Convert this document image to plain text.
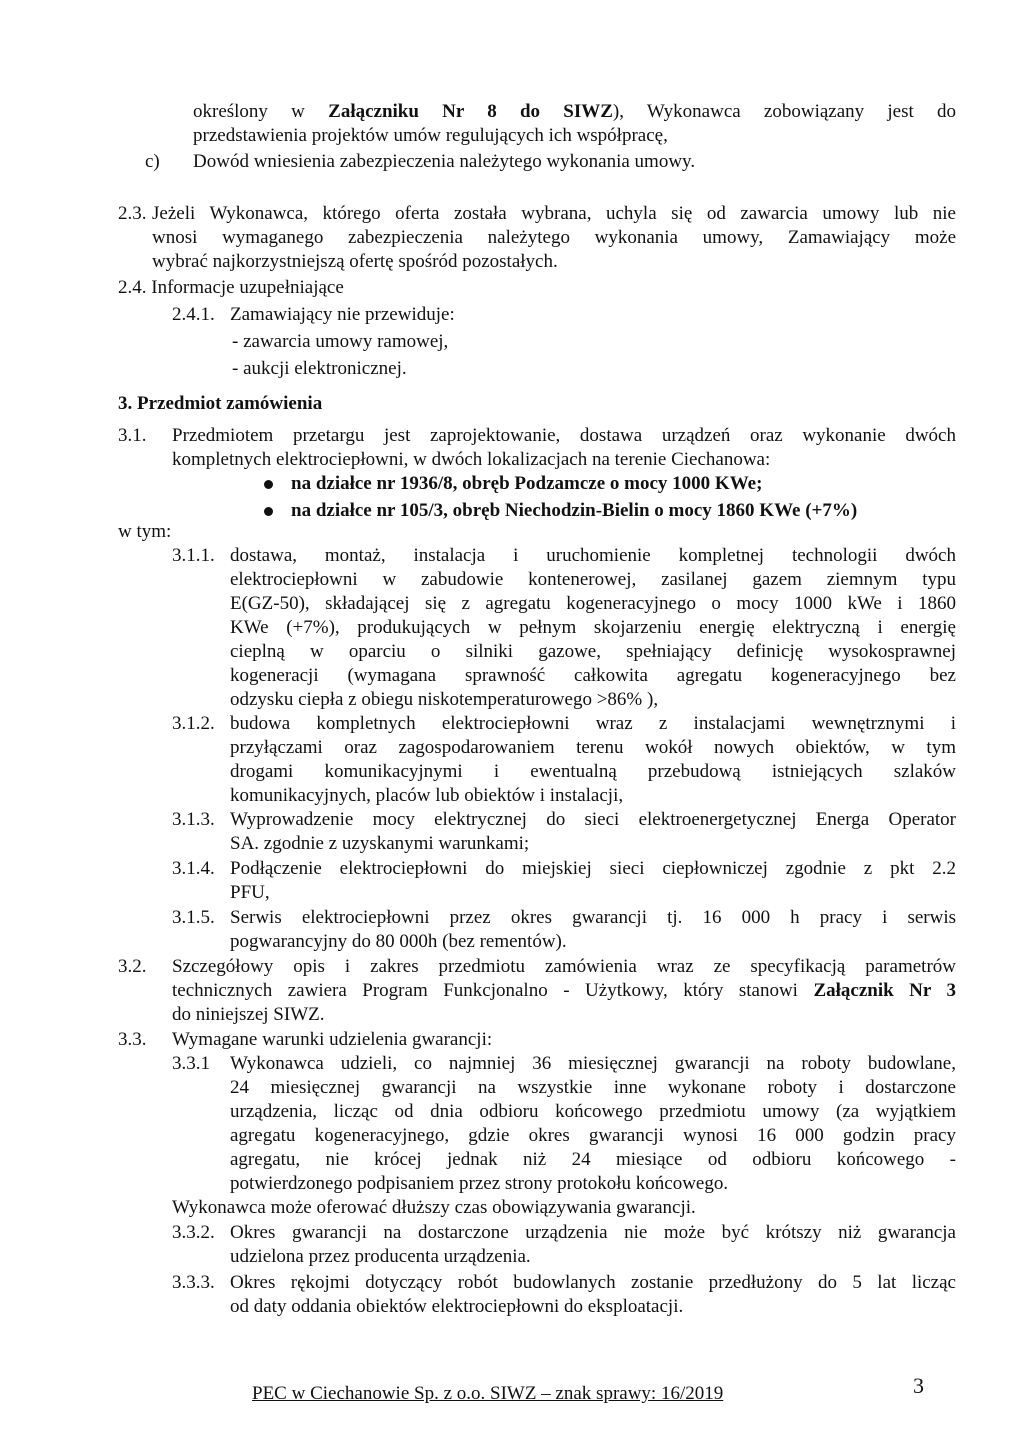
określony w Załączniku Nr 8 do SIWZ), Wykonawca zobowiązany jest do
przedstawienia projektów umów regulujących ich współpracę,
c) Dowód wniesienia zabezpieczenia należytego wykonania umowy.
2.3. Jeżeli Wykonawca, którego oferta została wybrana, uchyla się od zawarcia umowy lub nie
wnosi wymaganego zabezpieczenia należytego wykonania umowy, Zamawiający może
wybrać najkorzystniejszą ofertę spośród pozostałych.
2.4. Informacje uzupełniające
2.4.1. Zamawiający nie przewiduje:
- zawarcia umowy ramowej,
- aukcji elektronicznej.
3. Przedmiot zamówienia
3.1. Przedmiotem przetargu jest zaprojektowanie, dostawa urządzeń oraz wykonanie dwóch
kompletnych elektrociepłowni, w dwóch lokalizacjach na terenie Ciechanowa:
na działce nr 1936/8, obręb Podzamcze o mocy 1000 KWe;
na działce nr 105/3, obręb Niechodzin-Bielin o mocy 1860 KWe (+7%)
w tym:
3.1.1. dostawa, montaż, instalacja i uruchomienie kompletnej technologii dwóch
elektrociepłowni w zabudowie kontenerowej, zasilanej gazem ziemnym typu
E(GZ-50), składającej się z agregatu kogeneracyjnego o mocy 1000 kWe i 1860
KWe (+7%), produkujących w pełnym skojarzeniu energię elektryczną i energię
cieplną w oparciu o silniki gazowe, spełniający definicję wysokosprawnej
kogeneracji (wymagana sprawność całkowita agregatu kogeneracyjnego bez
odzysku ciepła z obiegu niskotemperaturowego >86% ),
3.1.2. budowa kompletnych elektrociepłowni wraz z instalacjami wewnętrznymi i
przyłączami oraz zagospodarowaniem terenu wokół nowych obiektów, w tym
drogami komunikacyjnymi i ewentualną przebudową istniejących szlaków
komunikacyjnych, placów lub obiektów i instalacji,
3.1.3. Wyprowadzenie mocy elektrycznej do sieci elektroenergetycznej Energa Operator
SA. zgodnie z uzyskanymi warunkami;
3.1.4. Podłączenie elektrociepłowni do miejskiej sieci ciepłowniczej zgodnie z pkt 2.2
PFU,
3.1.5. Serwis elektrociepłowni przez okres gwarancji tj. 16 000 h pracy i serwis
pogwarancyjny do 80 000h (bez rementów).
3.2. Szczegółowy opis i zakres przedmiotu zamówienia wraz ze specyfikacją parametrów
technicznych zawiera Program Funkcjonalno - Użytkowy, który stanowi Załącznik Nr 3
do niniejszej SIWZ.
3.3. Wymagane warunki udzielenia gwarancji:
3.3.1 Wykonawca udzieli, co najmniej 36 miesięcznej gwarancji na roboty budowlane,
24 miesięcznej gwarancji na wszystkie inne wykonane roboty i dostarczone
urządzenia, licząc od dnia odbioru końcowego przedmiotu umowy (za wyjątkiem
agregatu kogeneracyjnego, gdzie okres gwarancji wynosi 16 000 godzin pracy
agregatu, nie krócej jednak niż 24 miesiące od odbioru końcowego -
potwierdzonego podpisaniem przez strony protokołu końcowego.
Wykonawca może oferować dłuższy czas obowiązywania gwarancji.
3.3.2. Okres gwarancji na dostarczone urządzenia nie może być krótszy niż gwarancja
udzielona przez producenta urządzenia.
3.3.3. Okres rękojmi dotyczący robót budowlanych zostanie przedłużony do 5 lat licząc
od daty oddania obiektów elektrociepłowni do eksploatacji.
PEC w Ciechanowie Sp. z o.o. SIWZ – znak sprawy: 16/2019	3
